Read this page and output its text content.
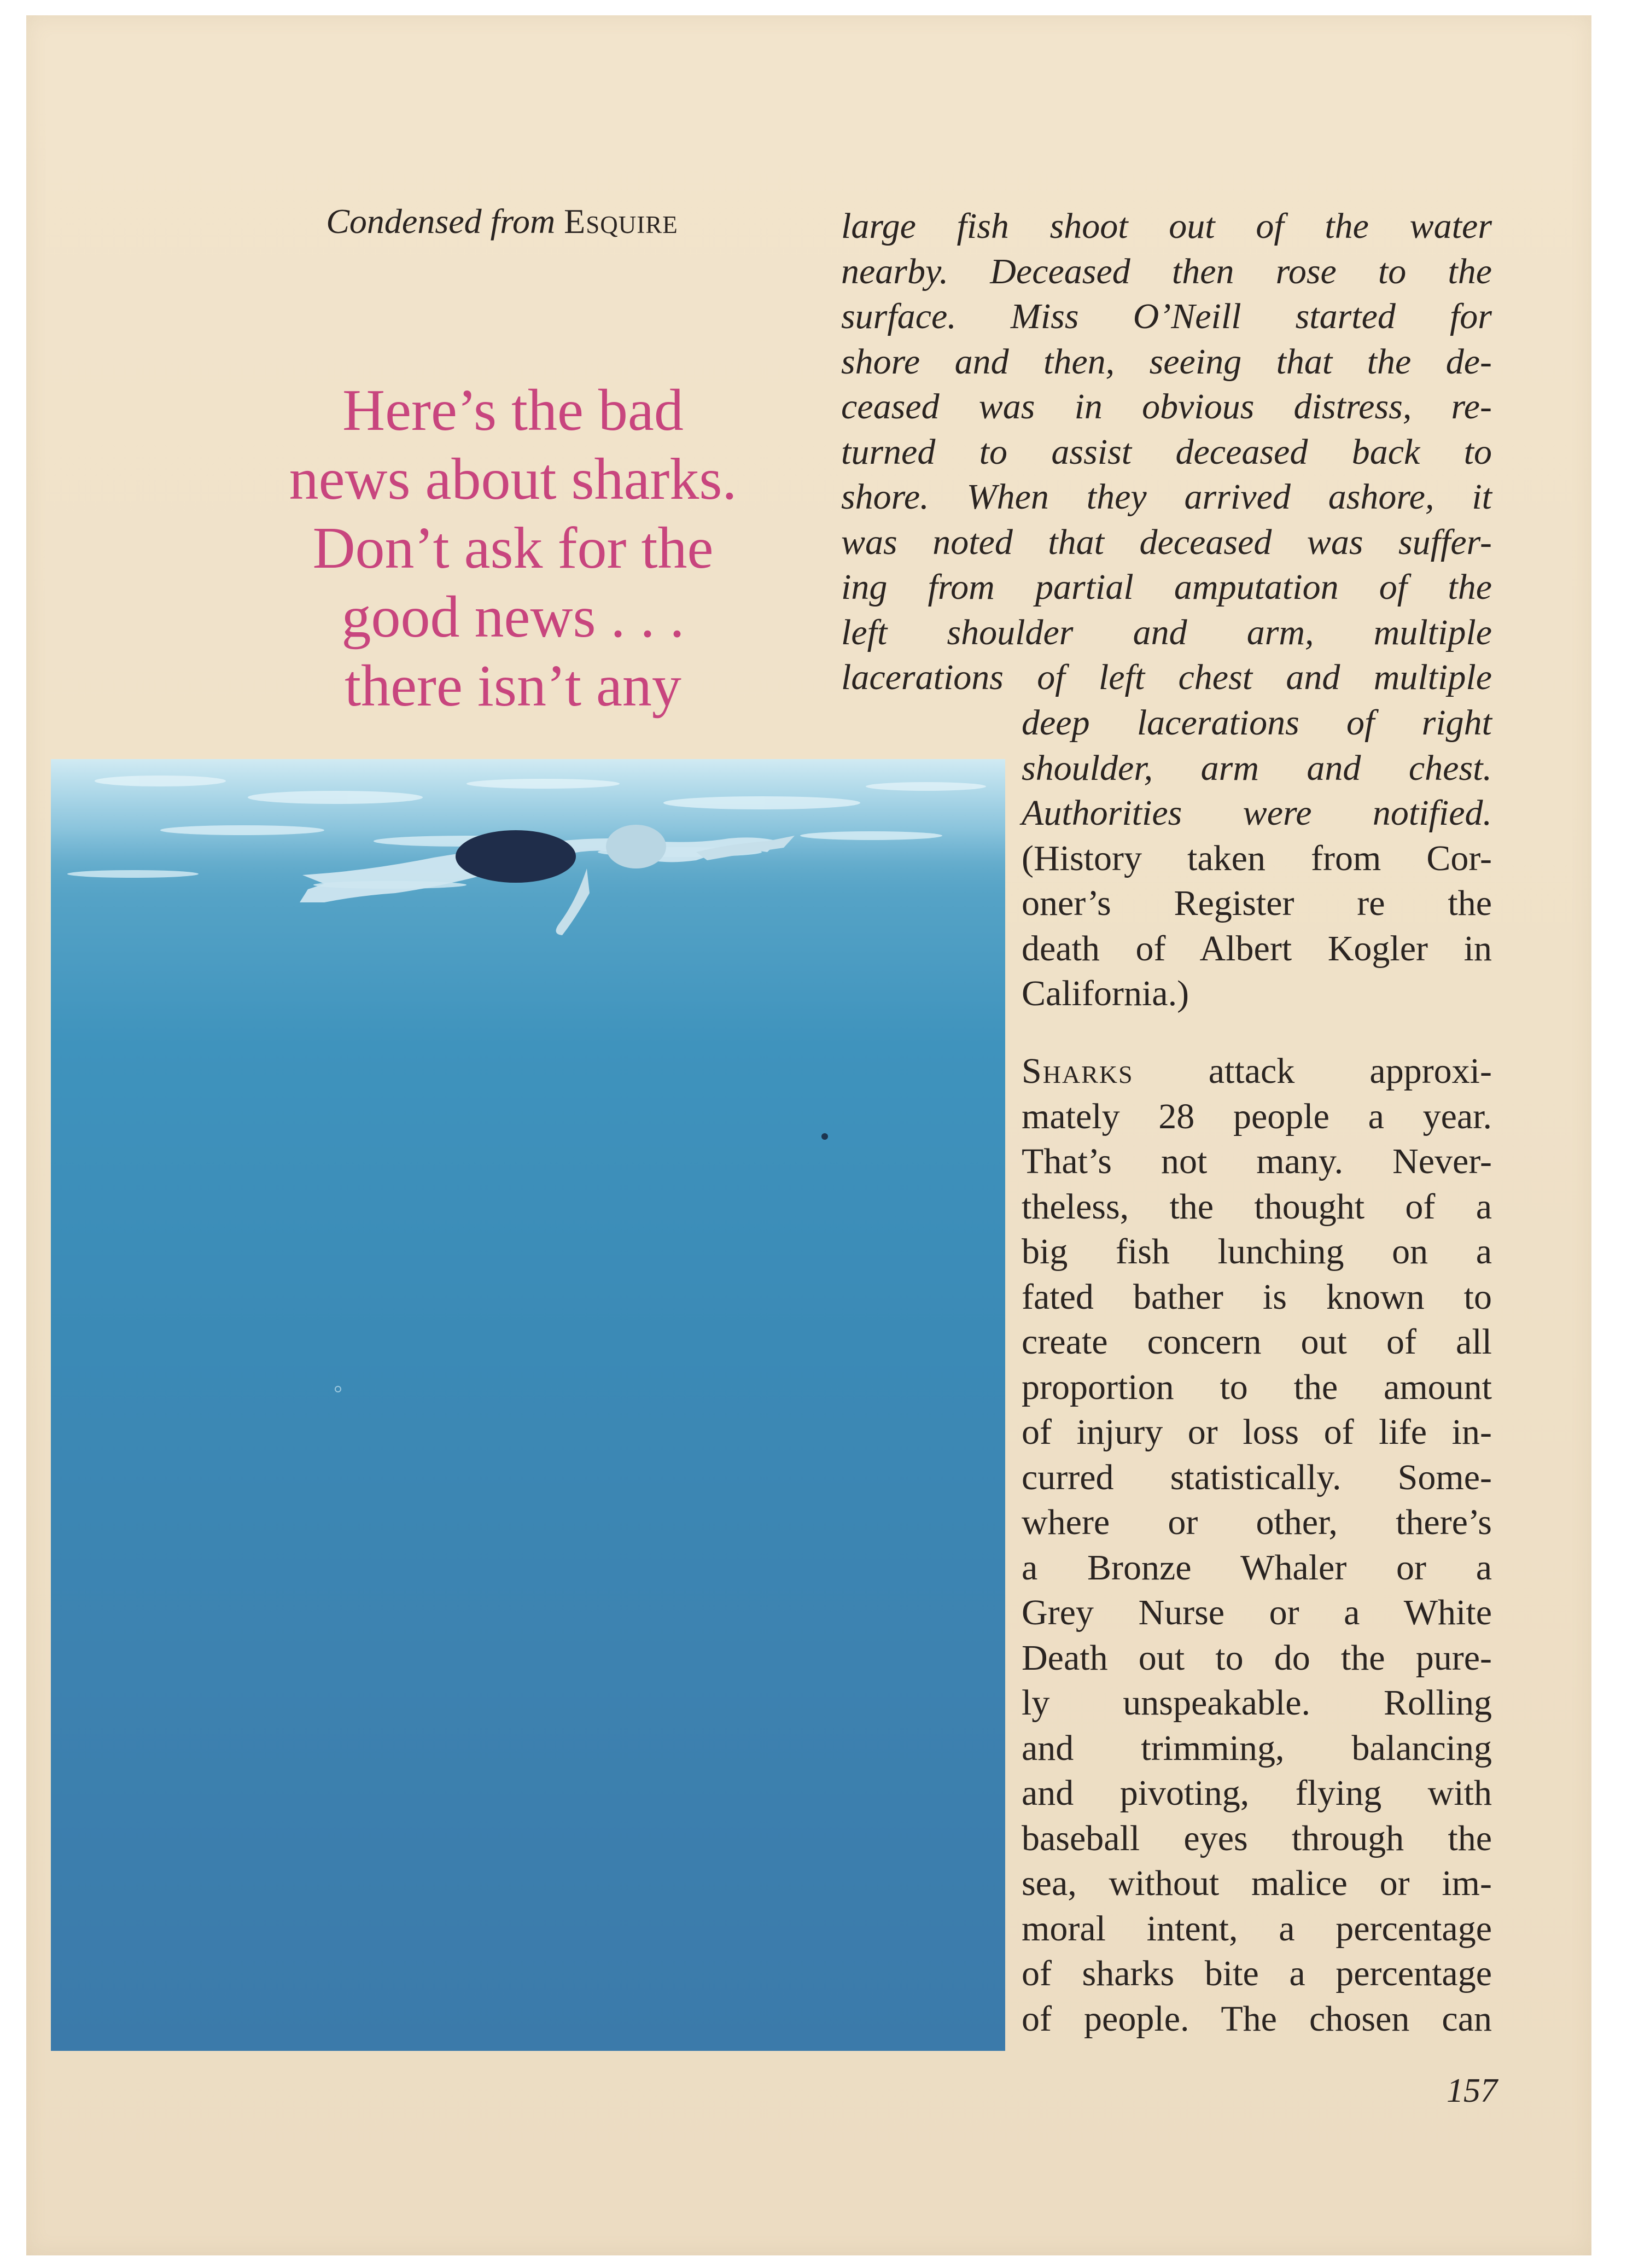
Condensed from Esquire
Here’s the bad
news about sharks.
Don’t ask for the
good news . . .
there isn’t any
large fish shoot out of the water
nearby. Deceased then rose to the
surface. Miss O’Neill started for
shore and then, seeing that the de-
ceased was in obvious distress, re-
turned to assist deceased back to
shore. When they arrived ashore, it
was noted that deceased was suffer-
ing from partial amputation of the
left shoulder and arm, multiple
lacerations of left chest and multiple
deep lacerations of right
shoulder, arm and chest.
Authorities were notified.
(History taken from Cor-
oner’s Register re the
death of Albert Kogler in
California.)
Sharks attack approxi-
mately 28 people a year.
That’s not many. Never-
theless, the thought of a
big fish lunching on a
fated bather is known to
create concern out of all
proportion to the amount
of injury or loss of life in-
curred statistically. Some-
where or other, there’s
a Bronze Whaler or a
Grey Nurse or a White
Death out to do the pure-
ly unspeakable. Rolling
and trimming, balancing
and pivoting, flying with
baseball eyes through the
sea, without malice or im-
moral intent, a percentage
of sharks bite a percentage
of people. The chosen can
157
